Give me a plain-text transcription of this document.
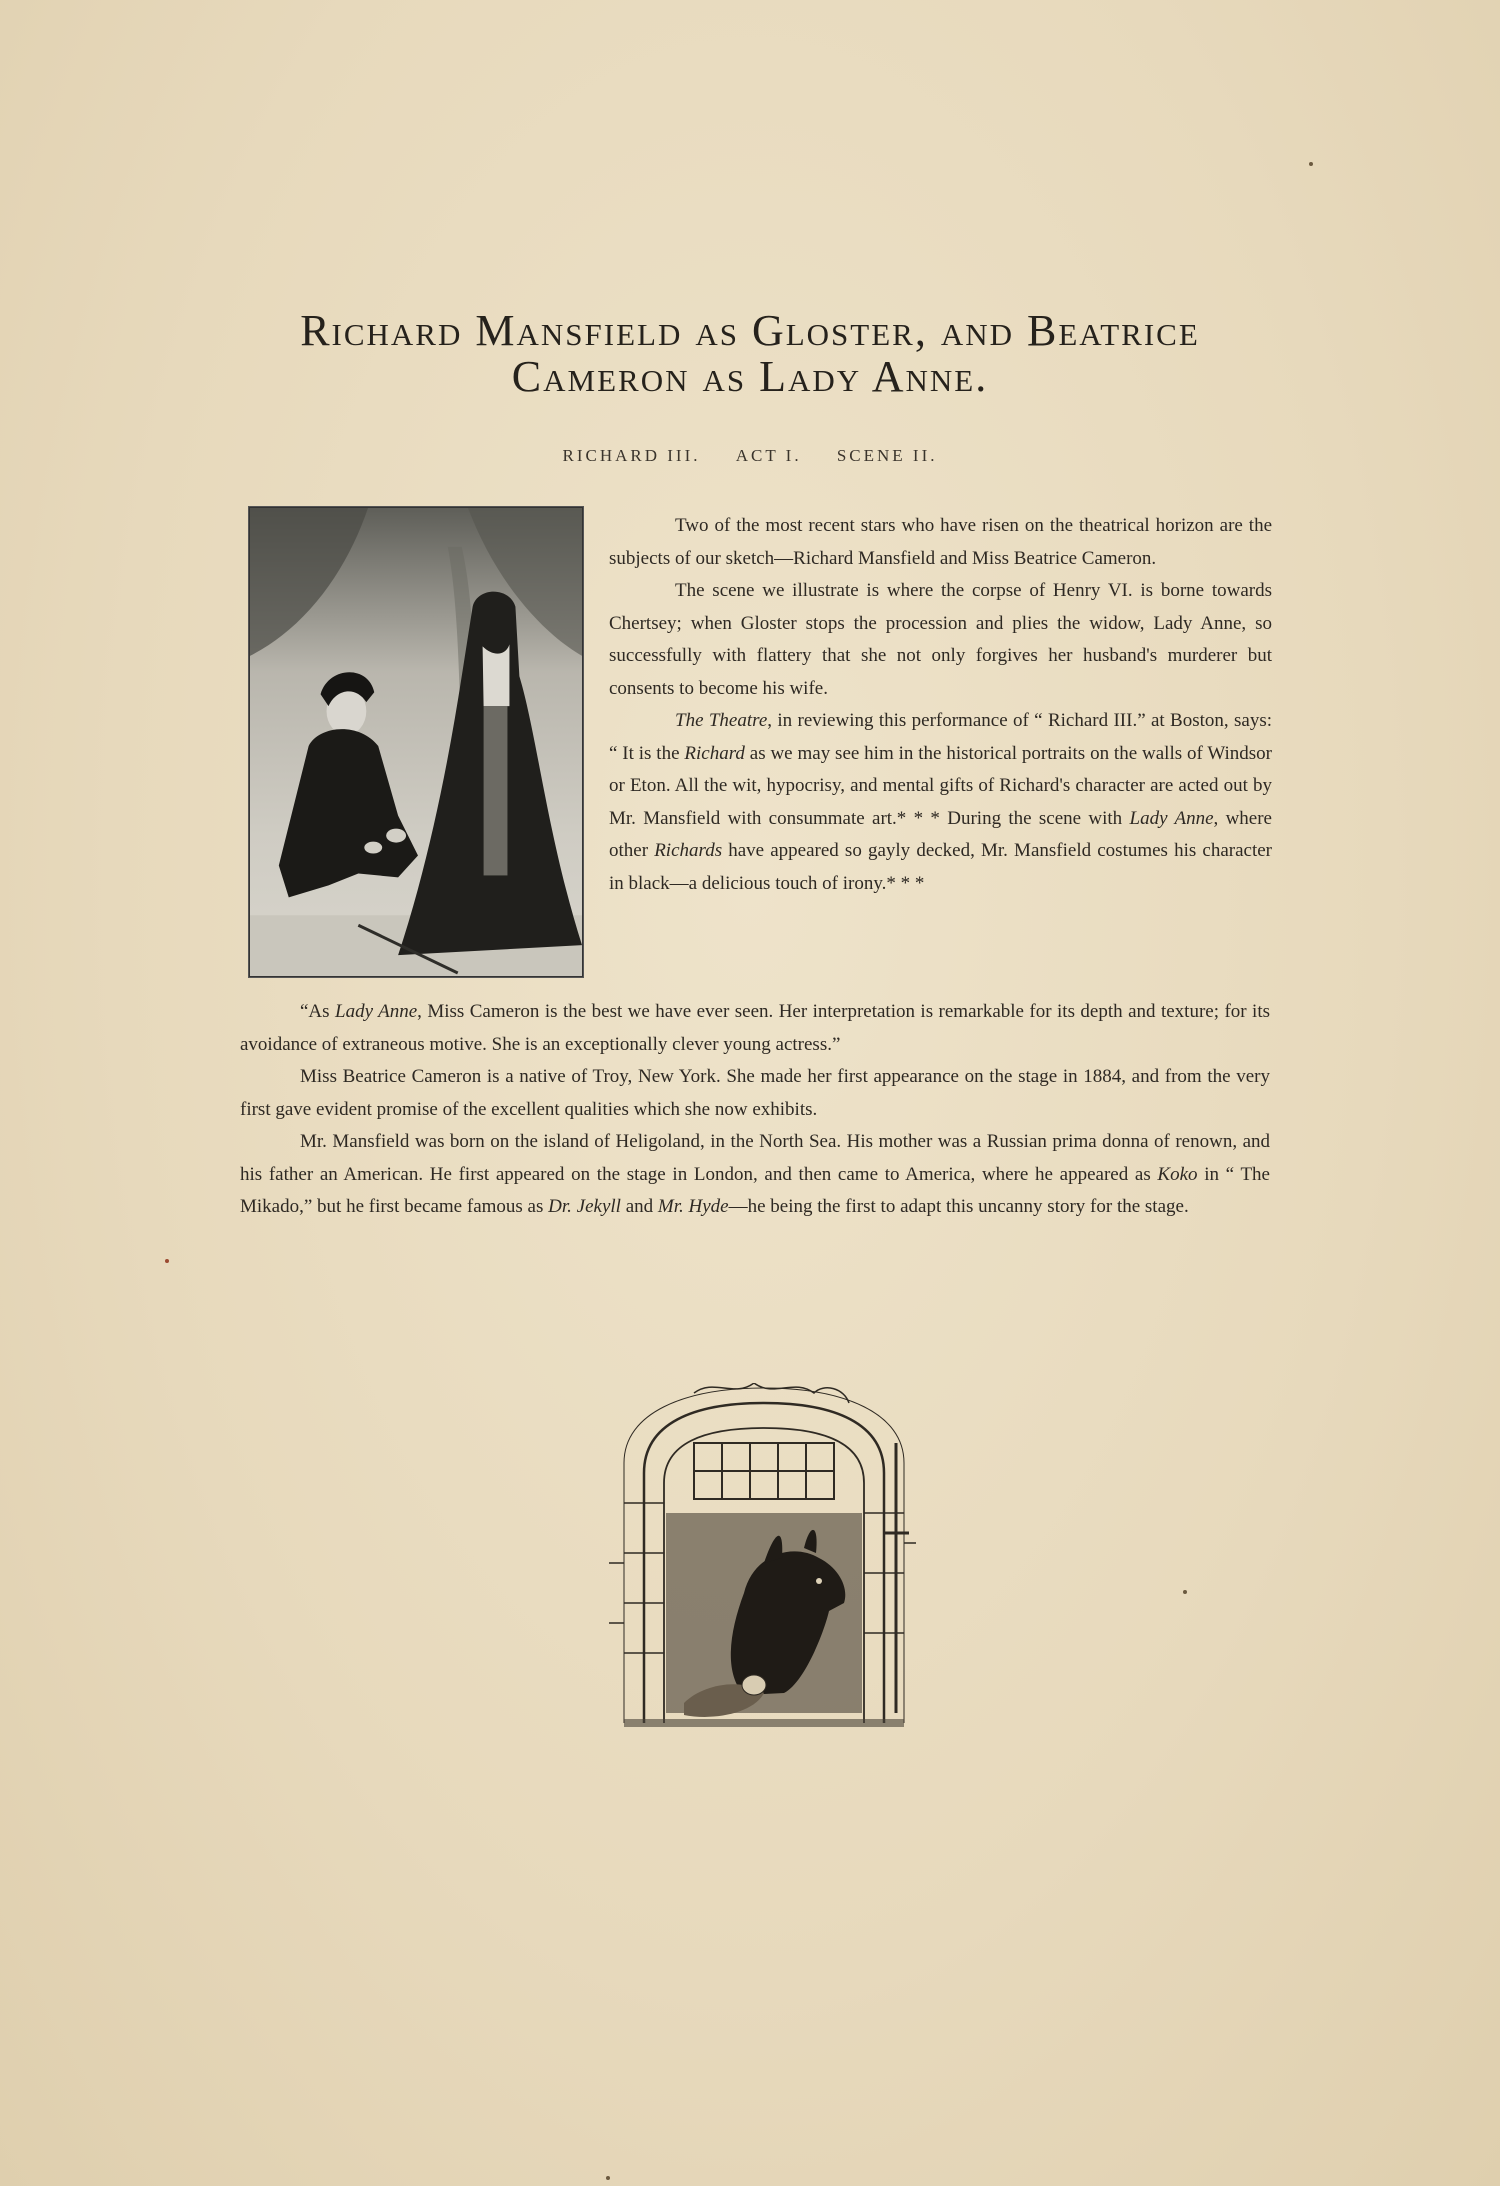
Richard Mansfield as Gloster, and Beatrice
Cameron as Lady Anne.
RICHARD III. ACT I. SCENE II.

Two of the most recent stars who have risen on the theatrical horizon are the subjects of our sketch—Richard Mansfield and Miss Beatrice Cameron.

The scene we illustrate is where the corpse of Henry VI. is borne towards Chertsey; when Gloster stops the procession and plies the widow, Lady Anne, so successfully with flattery that she not only forgives her husband's murderer but consents to become his wife.

The Theatre, in reviewing this performance of “ Richard III.” at Boston, says: “ It is the Richard as we may see him in the historical portraits on the walls of Windsor or Eton. All the wit, hypocrisy, and mental gifts of Richard's character are acted out by Mr. Mansfield with consummate art.* * * During the scene with Lady Anne, where other Richards have appeared so gayly decked, Mr. Mansfield costumes his character in black—a delicious touch of irony.* * *

“As Lady Anne, Miss Cameron is the best we have ever seen. Her interpretation is remarkable for its depth and texture; for its avoidance of extraneous motive. She is an exceptionally clever young actress.”

Miss Beatrice Cameron is a native of Troy, New York. She made her first appearance on the stage in 1884, and from the very first gave evident promise of the excellent qualities which she now exhibits.

Mr. Mansfield was born on the island of Heligoland, in the North Sea. His mother was a Russian prima donna of renown, and his father an American. He first appeared on the stage in London, and then came to America, where he appeared as Koko in “ The Mikado,” but he first became famous as Dr. Jekyll and Mr. Hyde—he being the first to adapt this uncanny story for the stage.
